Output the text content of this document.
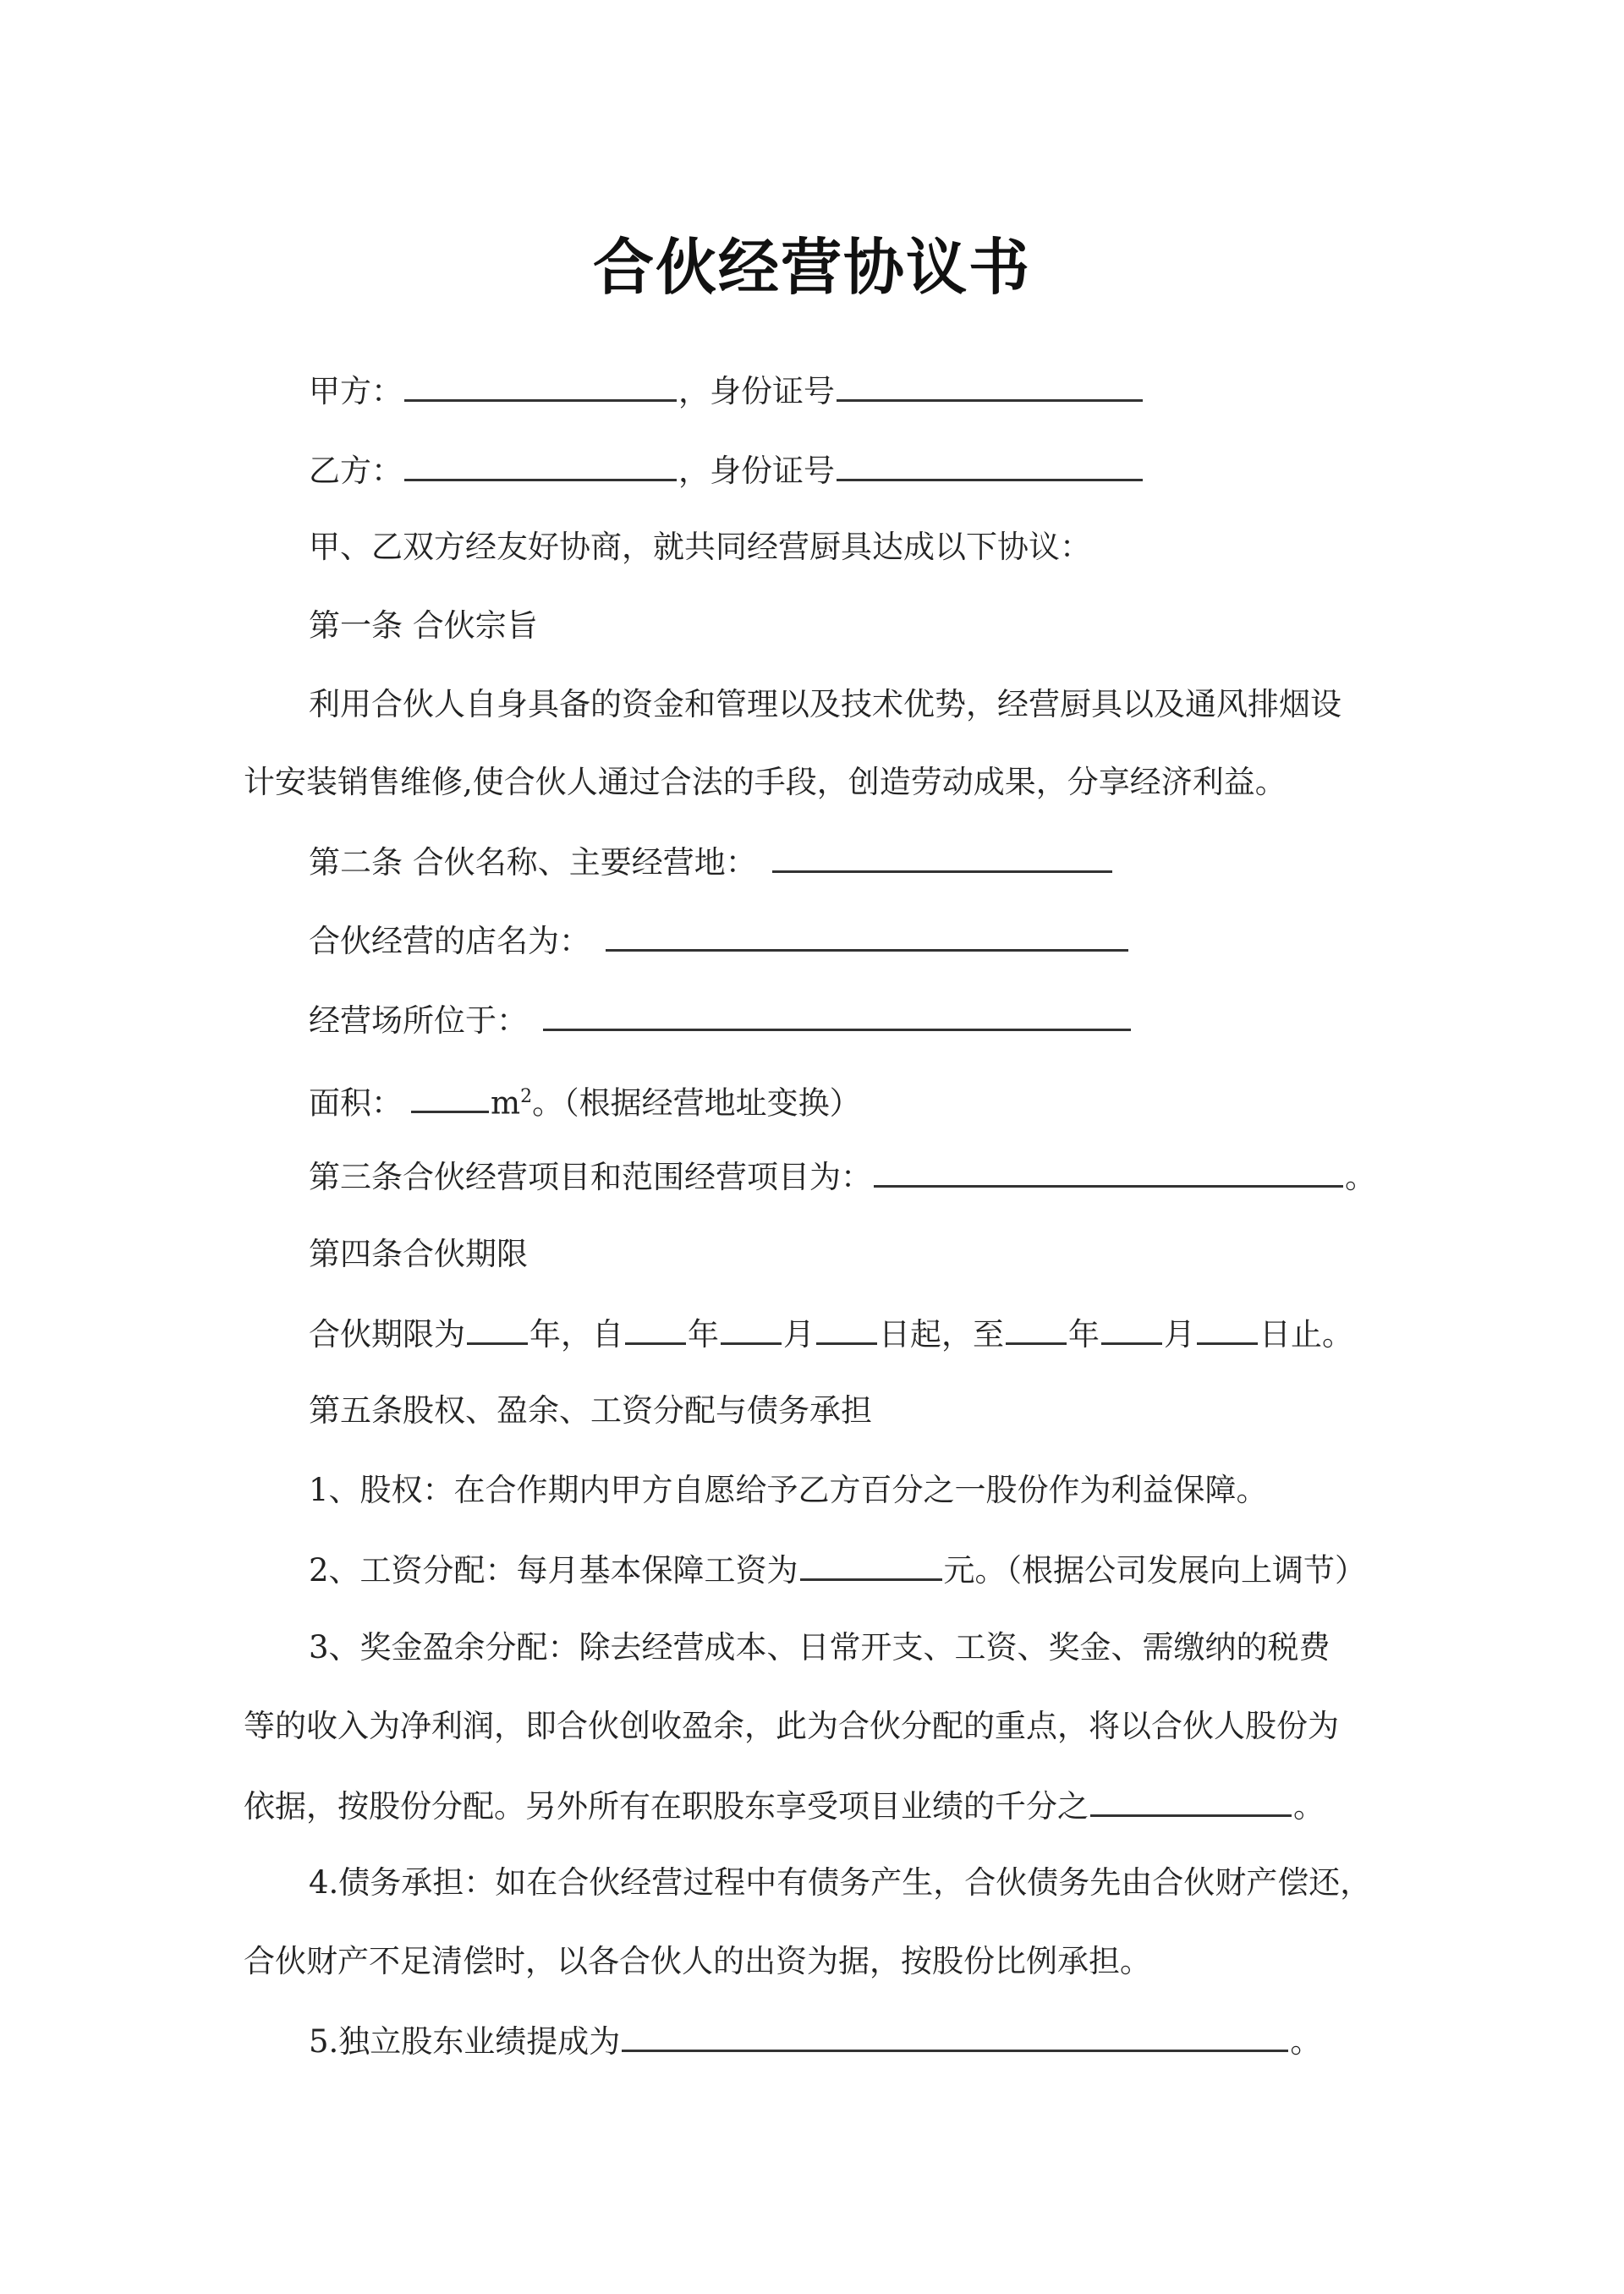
合伙经营协议书
甲方：	，身份证号
乙方：	，身份证号
甲、乙双方经友好协商，就共同经营厨具达成以下协议：
第一条 合伙宗旨
利用合伙人自身具备的资金和管理以及技术优势，经营厨具以及通风排烟设
计安装销售维修,使合伙人通过合法的手段，创造劳动成果，分享经济利益。
第二条 合伙名称、主要经营地：
合伙经营的店名为：
经营场所位于：
面积：	$m^2$。（根据经营地址变换）
第三条合伙经营项目和范围经营项目为：	。
第四条合伙期限
合伙期限为 年，自 年 月 日起，至 年 月 日止。
第五条股权、盈余、工资分配与债务承担
1、股权：在合作期内甲方自愿给予乙方百分之一股份作为利益保障。
2、工资分配：每月基本保障工资为	元。（根据公司发展向上调节）
3、奖金盈余分配：除去经营成本、日常开支、工资、奖金、需缴纳的税费
等的收入为净利润，即合伙创收盈余，此为合伙分配的重点，将以合伙人股份为
依据，按股份分配。另外所有在职股东享受项目业绩的千分之	。
4.债务承担：如在合伙经营过程中有债务产生，合伙债务先由合伙财产偿还，
合伙财产不足清偿时，以各合伙人的出资为据，按股份比例承担。
5.独立股东业绩提成为	。
